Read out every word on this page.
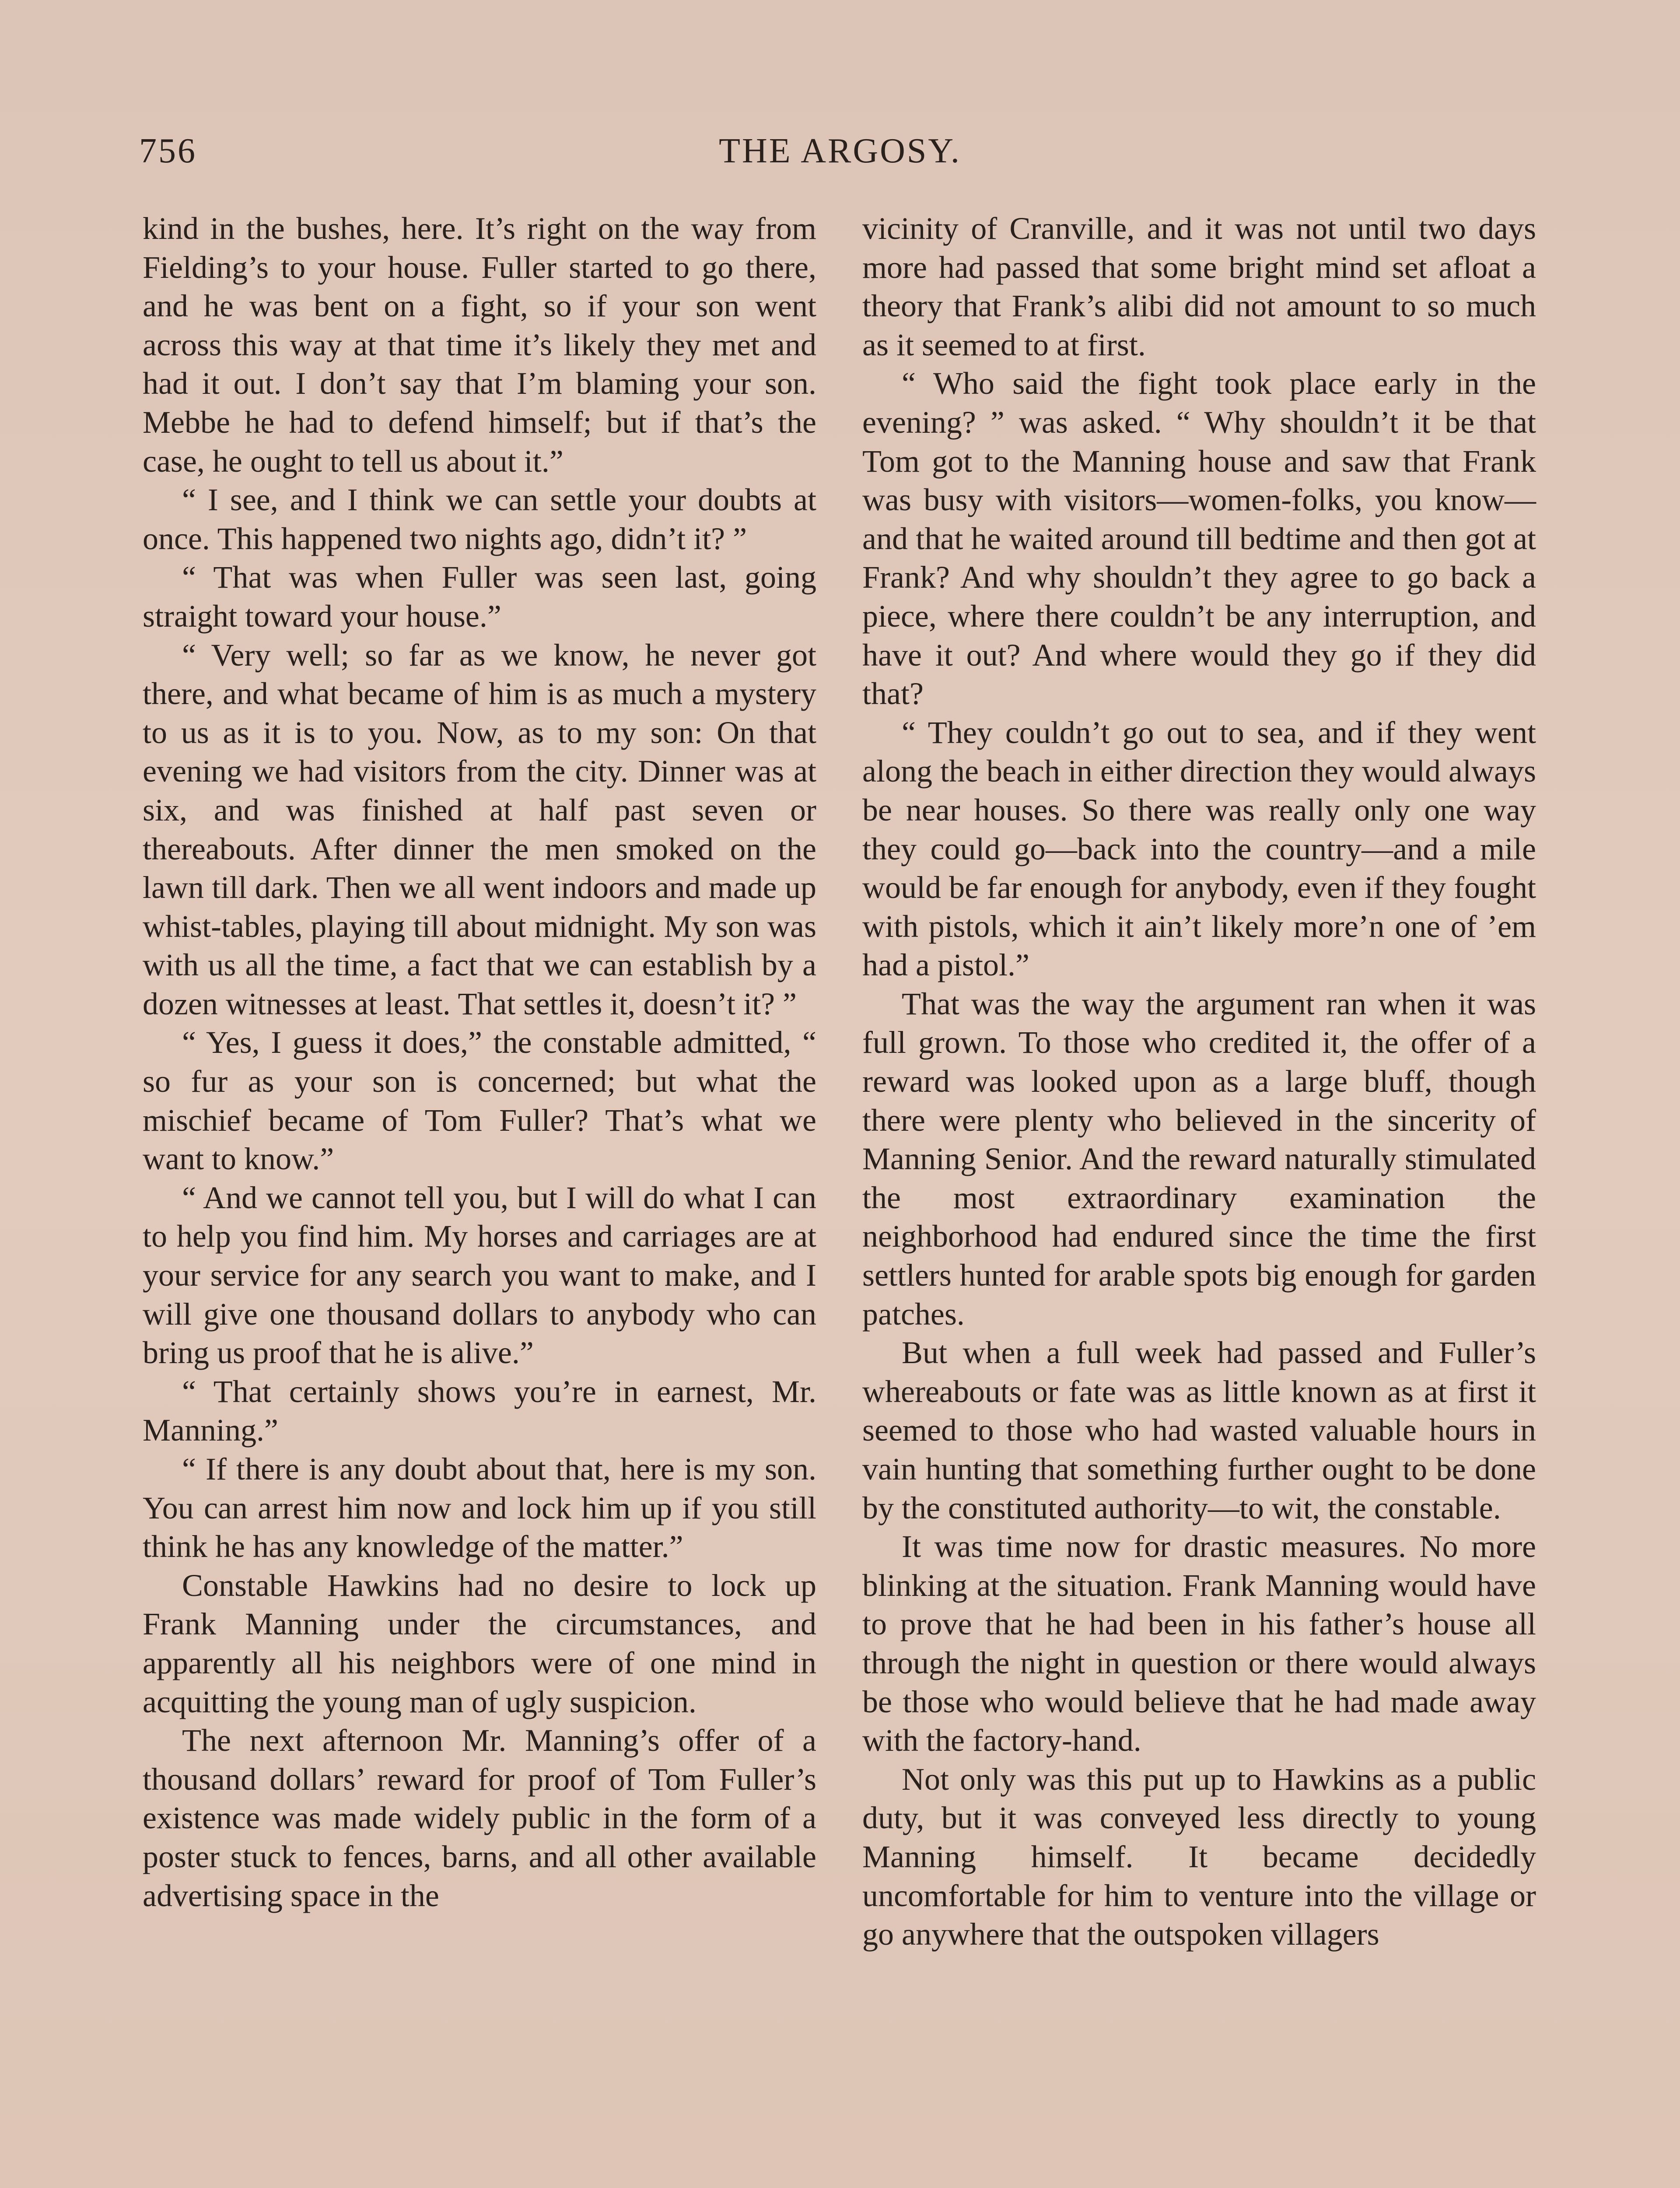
756	THE ARGOSY.

kind in the bushes, here. It’s right on the way from Fielding’s to your house. Fuller started to go there, and he was bent on a fight, so if your son went across this way at that time it’s likely they met and had it out. I don’t say that I’m blaming your son. Mebbe he had to defend himself; but if that’s the case, he ought to tell us about it.”

“ I see, and I think we can settle your doubts at once. This happened two nights ago, didn’t it? ”

“ That was when Fuller was seen last, going straight toward your house.”

“ Very well; so far as we know, he never got there, and what became of him is as much a mystery to us as it is to you. Now, as to my son: On that evening we had visitors from the city. Dinner was at six, and was finished at half past seven or thereabouts. After dinner the men smoked on the lawn till dark. Then we all went indoors and made up whist-tables, playing till about midnight. My son was with us all the time, a fact that we can establish by a dozen witnesses at least. That settles it, doesn’t it? ”

“ Yes, I guess it does,” the constable admitted, “ so fur as your son is concerned; but what the mischief became of Tom Fuller? That’s what we want to know.”

“ And we cannot tell you, but I will do what I can to help you find him. My horses and carriages are at your service for any search you want to make, and I will give one thousand dollars to anybody who can bring us proof that he is alive.”

“ That certainly shows you’re in earnest, Mr. Manning.”

“ If there is any doubt about that, here is my son. You can arrest him now and lock him up if you still think he has any knowledge of the matter.”

Constable Hawkins had no desire to lock up Frank Manning under the circumstances, and apparently all his neighbors were of one mind in acquitting the young man of ugly suspicion.

The next afternoon Mr. Manning’s offer of a thousand dollars’ reward for proof of Tom Fuller’s existence was made widely public in the form of a poster stuck to fences, barns, and all other available advertising space in the

vicinity of Cranville, and it was not until two days more had passed that some bright mind set afloat a theory that Frank’s alibi did not amount to so much as it seemed to at first.

“ Who said the fight took place early in the evening? ” was asked. “ Why shouldn’t it be that Tom got to the Manning house and saw that Frank was busy with visitors—women-folks, you know—and that he waited around till bedtime and then got at Frank? And why shouldn’t they agree to go back a piece, where there couldn’t be any interruption, and have it out? And where would they go if they did that?

“ They couldn’t go out to sea, and if they went along the beach in either direction they would always be near houses. So there was really only one way they could go—back into the country—and a mile would be far enough for anybody, even if they fought with pistols, which it ain’t likely more’n one of ’em had a pistol.”

That was the way the argument ran when it was full grown. To those who credited it, the offer of a reward was looked upon as a large bluff, though there were plenty who believed in the sincerity of Manning Senior. And the reward naturally stimulated the most extraordinary examination the neighborhood had endured since the time the first settlers hunted for arable spots big enough for garden patches.

But when a full week had passed and Fuller’s whereabouts or fate was as little known as at first it seemed to those who had wasted valuable hours in vain hunting that something further ought to be done by the constituted authority—to wit, the constable.

It was time now for drastic measures. No more blinking at the situation. Frank Manning would have to prove that he had been in his father’s house all through the night in question or there would always be those who would believe that he had made away with the factory-hand.

Not only was this put up to Hawkins as a public duty, but it was conveyed less directly to young Manning himself. It became decidedly uncomfortable for him to venture into the village or go anywhere that the outspoken villagers
